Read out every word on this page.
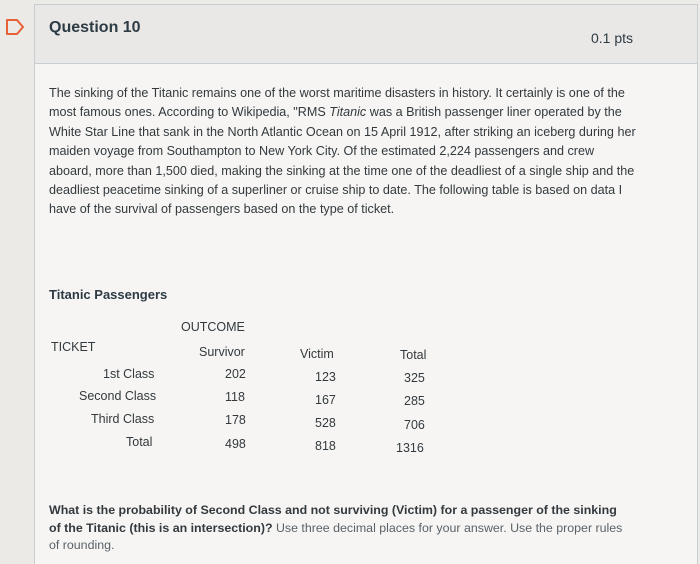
Question 10
0.1 pts
The sinking of the Titanic remains one of the worst maritime disasters in history. It certainly is one of the most famous ones. According to Wikipedia, "RMS Titanic was a British passenger liner operated by the White Star Line that sank in the North Atlantic Ocean on 15 April 1912, after striking an iceberg during her maiden voyage from Southampton to New York City. Of the estimated 2,224 passengers and crew aboard, more than 1,500 died, making the sinking at the time one of the deadliest of a single ship and the deadliest peacetime sinking of a superliner or cruise ship to date. The following table is based on data I have of the survival of passengers based on the type of ticket.
Titanic Passengers
OUTCOME
TICKET	Survivor	Victim	Total
1st Class	202	123	325
Second Class	118	167	285
Third Class	178	528	706
Total	498	818	1316
What is the probability of Second Class and not surviving (Victim) for a passenger of the sinking of the Titanic (this is an intersection)? Use three decimal places for your answer. Use the proper rules of rounding.
